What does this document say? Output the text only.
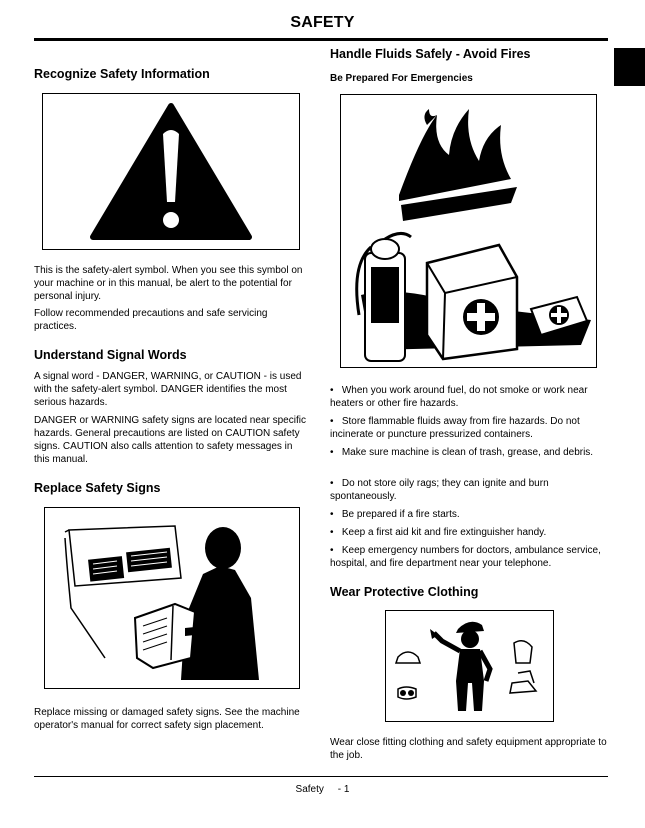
SAFETY
Recognize Safety Information
This is the safety-alert symbol. When you see this symbol on your machine or in this manual, be alert to the potential for personal injury.
Follow recommended precautions and safe servicing practices.
Understand Signal Words
A signal word - DANGER, WARNING, or CAUTION - is used with the safety-alert symbol. DANGER identifies the most serious hazards.
DANGER or WARNING safety signs are located near specific hazards. General precautions are listed on CAUTION safety signs. CAUTION also calls attention to safety messages in this manual.
Replace Safety Signs
Replace missing or damaged safety signs. See the machine operator's manual for correct safety sign placement.
Handle Fluids Safely - Avoid Fires
Be Prepared For Emergencies
•   When you work around fuel, do not smoke or work near heaters or other fire hazards.
•   Store flammable fluids away from fire hazards. Do not incinerate or puncture pressurized containers.
•   Make sure machine is clean of trash, grease, and debris.
•   Do not store oily rags; they can ignite and burn spontaneously.
•   Be prepared if a fire starts.
•   Keep a first aid kit and fire extinguisher handy.
•   Keep emergency numbers for doctors, ambulance service, hospital, and fire department near your telephone.
Wear Protective Clothing
Wear close fitting clothing and safety equipment appropriate to the job.
Safety - 1
